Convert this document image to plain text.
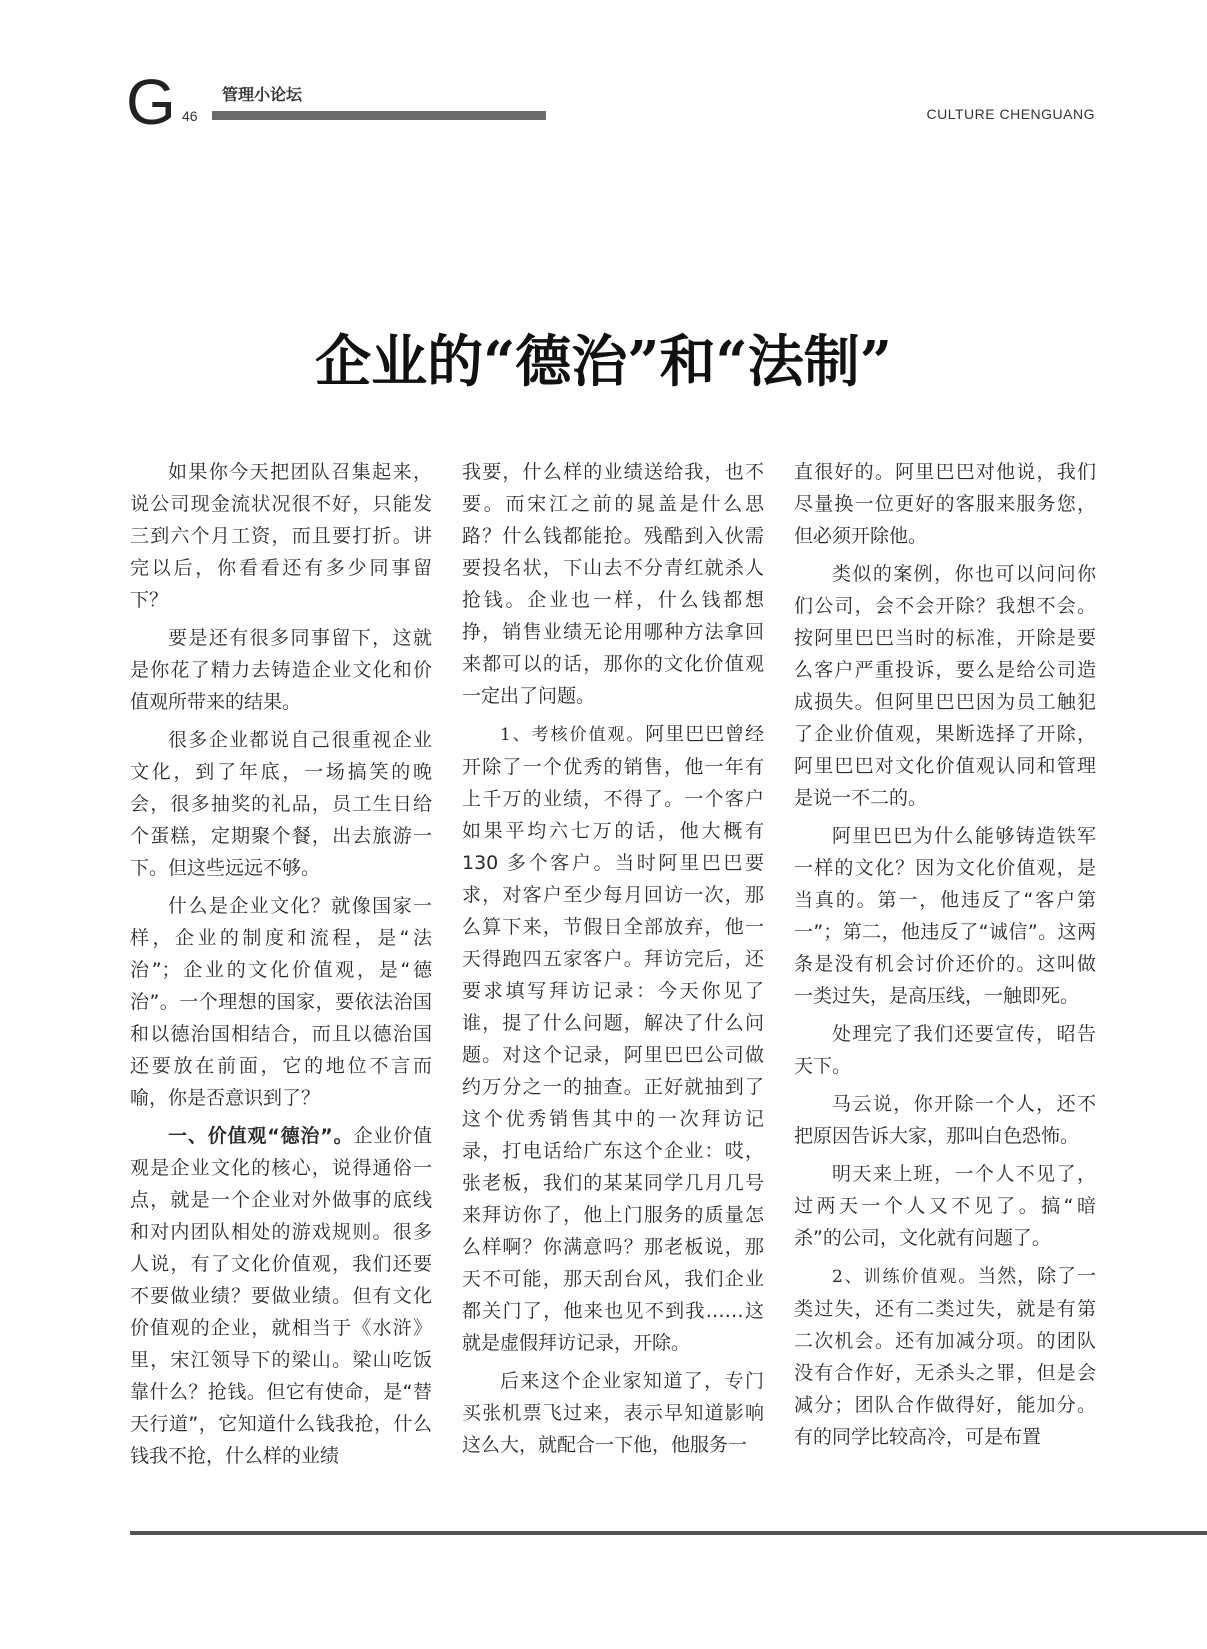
G 46
管理小论坛
CULTURE CHENGUANG
企业的“德治”和“法制”

如果你今天把团队召集起来，说公司现金流状况很不好，只能发三到六个月工资，而且要打折。讲完以后，你看看还有多少同事留下？

要是还有很多同事留下，这就是你花了精力去铸造企业文化和价值观所带来的结果。

很多企业都说自己很重视企业文化，到了年底，一场搞笑的晚会，很多抽奖的礼品，员工生日给个蛋糕，定期聚个餐，出去旅游一下。但这些远远不够。

什么是企业文化？就像国家一样，企业的制度和流程，是“法治”；企业的文化价值观，是“德治”。一个理想的国家，要依法治国和以德治国相结合，而且以德治国还要放在前面，它的地位不言而喻，你是否意识到了？

一、价值观“德治”。企业价值观是企业文化的核心，说得通俗一点，就是一个企业对外做事的底线和对内团队相处的游戏规则。很多人说，有了文化价值观，我们还要不要做业绩？要做业绩。但有文化价值观的企业，就相当于《水浒》里，宋江领导下的梁山。梁山吃饭靠什么？抢钱。但它有使命，是“替天行道”，它知道什么钱我抢，什么钱我不抢，什么样的业绩

我要，什么样的业绩送给我，也不要。而宋江之前的晁盖是什么思路？什么钱都能抢。残酷到入伙需要投名状，下山去不分青红就杀人抢钱。企业也一样，什么钱都想挣，销售业绩无论用哪种方法拿回来都可以的话，那你的文化价值观一定出了问题。

1、考核价值观。阿里巴巴曾经开除了一个优秀的销售，他一年有上千万的业绩，不得了。一个客户如果平均六七万的话，他大概有130 多个客户。当时阿里巴巴要求，对客户至少每月回访一次，那么算下来，节假日全部放弃，他一天得跑四五家客户。拜访完后，还要求填写拜访记录：今天你见了谁，提了什么问题，解决了什么问题。对这个记录，阿里巴巴公司做约万分之一的抽查。正好就抽到了这个优秀销售其中的一次拜访记录，打电话给广东这个企业：哎，张老板，我们的某某同学几月几号来拜访你了，他上门服务的质量怎么样啊？你满意吗？那老板说，那天不可能，那天刮台风，我们企业都关门了，他来也见不到我……这就是虚假拜访记录，开除。

后来这个企业家知道了，专门买张机票飞过来，表示早知道影响这么大，就配合一下他，他服务一

直很好的。阿里巴巴对他说，我们尽量换一位更好的客服来服务您，但必须开除他。

类似的案例，你也可以问问你们公司，会不会开除？我想不会。按阿里巴巴当时的标准，开除是要么客户严重投诉，要么是给公司造成损失。但阿里巴巴因为员工触犯了企业价值观，果断选择了开除，阿里巴巴对文化价值观认同和管理是说一不二的。

阿里巴巴为什么能够铸造铁军一样的文化？因为文化价值观，是当真的。第一，他违反了“客户第一”；第二，他违反了“诚信”。这两条是没有机会讨价还价的。这叫做一类过失，是高压线，一触即死。

处理完了我们还要宣传，昭告天下。

马云说，你开除一个人，还不把原因告诉大家，那叫白色恐怖。

明天来上班，一个人不见了，过两天一个人又不见了。搞“暗杀”的公司，文化就有问题了。

2、训练价值观。当然，除了一类过失，还有二类过失，就是有第二次机会。还有加减分项。的团队没有合作好，无杀头之罪，但是会减分；团队合作做得好，能加分。有的同学比较高冷，可是布置
